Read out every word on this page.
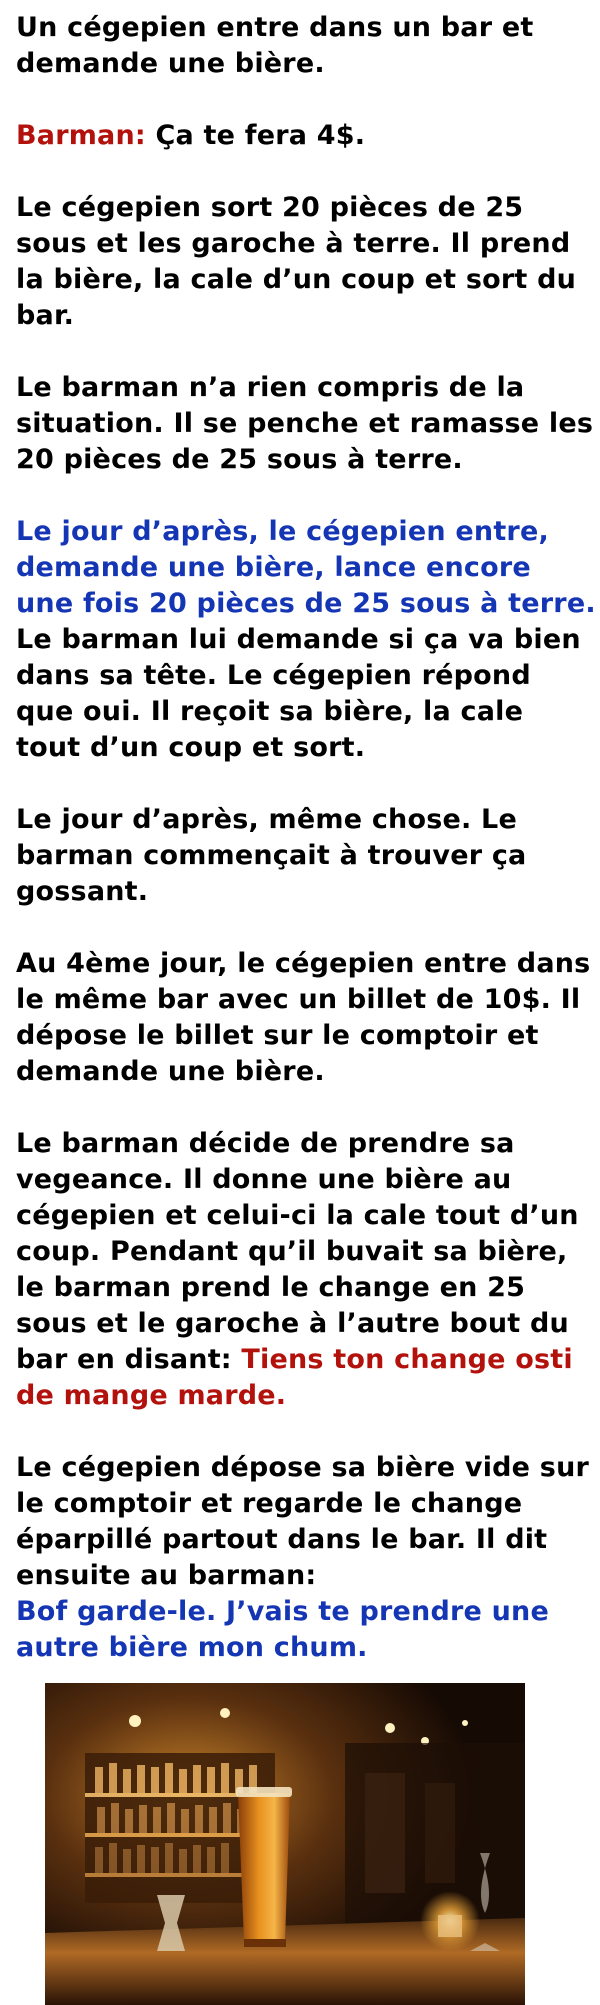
Un cégepien entre dans un bar et demande une bière.

Barman: Ça te fera 4$.

Le cégepien sort 20 pièces de 25 sous et les garoche à terre. Il prend la bière, la cale d’un coup et sort du bar.

Le barman n’a rien compris de la situation. Il se penche et ramasse les 20 pièces de 25 sous à terre.

Le jour d’après, le cégepien entre, demande une bière, lance encore une fois 20 pièces de 25 sous à terre. Le barman lui demande si ça va bien dans sa tête. Le cégepien répond que oui. Il reçoit sa bière, la cale tout d’un coup et sort.

Le jour d’après, même chose. Le barman commençait à trouver ça gossant.

Au 4ème jour, le cégepien entre dans le même bar avec un billet de 10$. Il dépose le billet sur le comptoir et demande une bière.

Le barman décide de prendre sa vegeance. Il donne une bière au cégepien et celui-ci la cale tout d’un coup. Pendant qu’il buvait sa bière, le barman prend le change en 25 sous et le garoche à l’autre bout du bar en disant: Tiens ton change osti de mange marde.

Le cégepien dépose sa bière vide sur le comptoir et regarde le change éparpillé partout dans le bar. Il dit ensuite au barman:
Bof garde-le. J’vais te prendre une autre bière mon chum.
